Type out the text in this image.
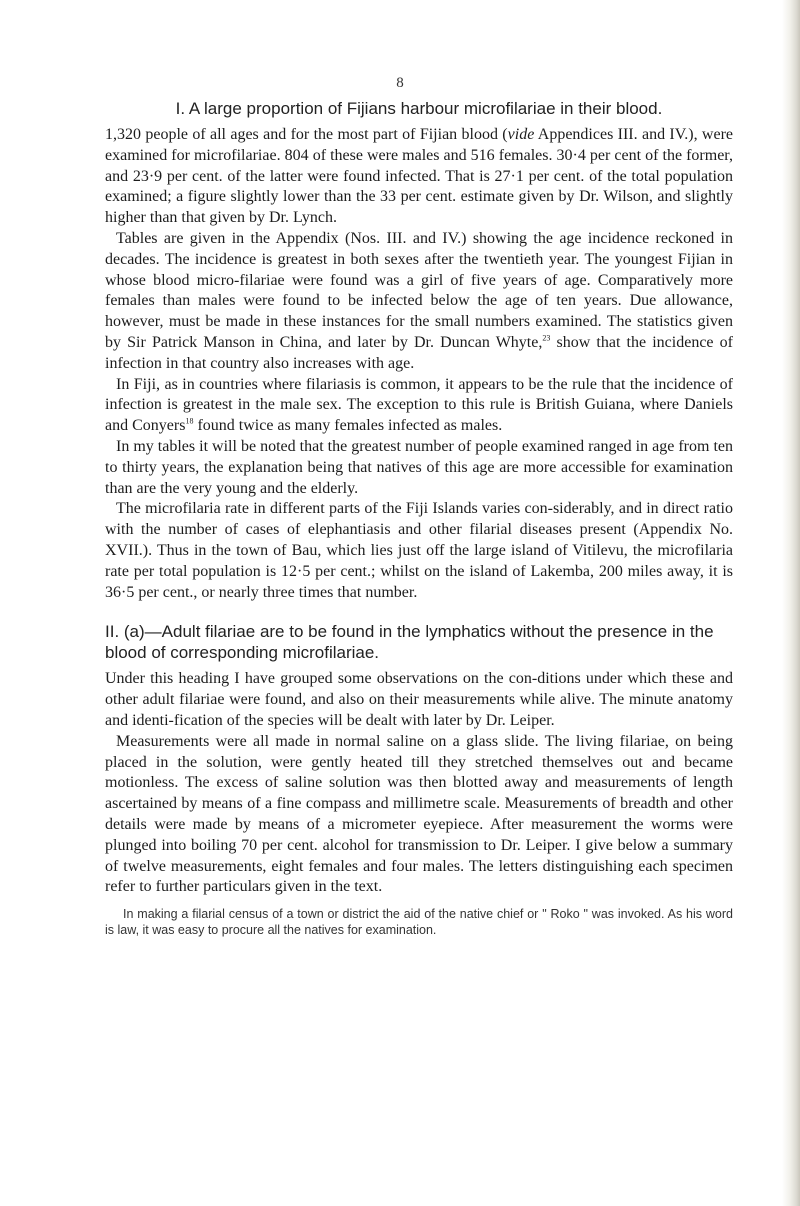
8
I. A large proportion of Fijians harbour microfilariae in their blood.

1,320 people of all ages and for the most part of Fijian blood (vide Appendices III. and IV.), were examined for microfilariae. 804 of these were males and 516 females. 30·4 per cent of the former, and 23·9 per cent. of the latter were found infected. That is 27·1 per cent. of the total population examined; a figure slightly lower than the 33 per cent. estimate given by Dr. Wilson, and slightly higher than that given by Dr. Lynch.

Tables are given in the Appendix (Nos. III. and IV.) showing the age incidence reckoned in decades. The incidence is greatest in both sexes after the twentieth year. The youngest Fijian in whose blood micro-filariae were found was a girl of five years of age. Comparatively more females than males were found to be infected below the age of ten years. Due allowance, however, must be made in these instances for the small numbers examined. The statistics given by Sir Patrick Manson in China, and later by Dr. Duncan Whyte,$^{23}$ show that the incidence of infection in that country also increases with age.

In Fiji, as in countries where filariasis is common, it appears to be the rule that the incidence of infection is greatest in the male sex. The exception to this rule is British Guiana, where Daniels and Conyers$^{18}$ found twice as many females infected as males.

In my tables it will be noted that the greatest number of people examined ranged in age from ten to thirty years, the explanation being that natives of this age are more accessible for examination than are the very young and the elderly.

The microfilaria rate in different parts of the Fiji Islands varies con-siderably, and in direct ratio with the number of cases of elephantiasis and other filarial diseases present (Appendix No. XVII.). Thus in the town of Bau, which lies just off the large island of Vitilevu, the microfilaria rate per total population is 12·5 per cent.; whilst on the island of Lakemba, 200 miles away, it is 36·5 per cent., or nearly three times that number.

II. (a)—Adult filariae are to be found in the lymphatics without the presence in the blood of corresponding microfilariae.

Under this heading I have grouped some observations on the con-ditions under which these and other adult filariae were found, and also on their measurements while alive. The minute anatomy and identi-fication of the species will be dealt with later by Dr. Leiper.

Measurements were all made in normal saline on a glass slide. The living filariae, on being placed in the solution, were gently heated till they stretched themselves out and became motionless. The excess of saline solution was then blotted away and measurements of length ascertained by means of a fine compass and millimetre scale. Measurements of breadth and other details were made by means of a micrometer eyepiece. After measurement the worms were plunged into boiling 70 per cent. alcohol for transmission to Dr. Leiper. I give below a summary of twelve measurements, eight females and four males. The letters distinguishing each specimen refer to further particulars given in the text.

In making a filarial census of a town or district the aid of the native chief or " Roko " was invoked. As his word is law, it was easy to procure all the natives for examination.
